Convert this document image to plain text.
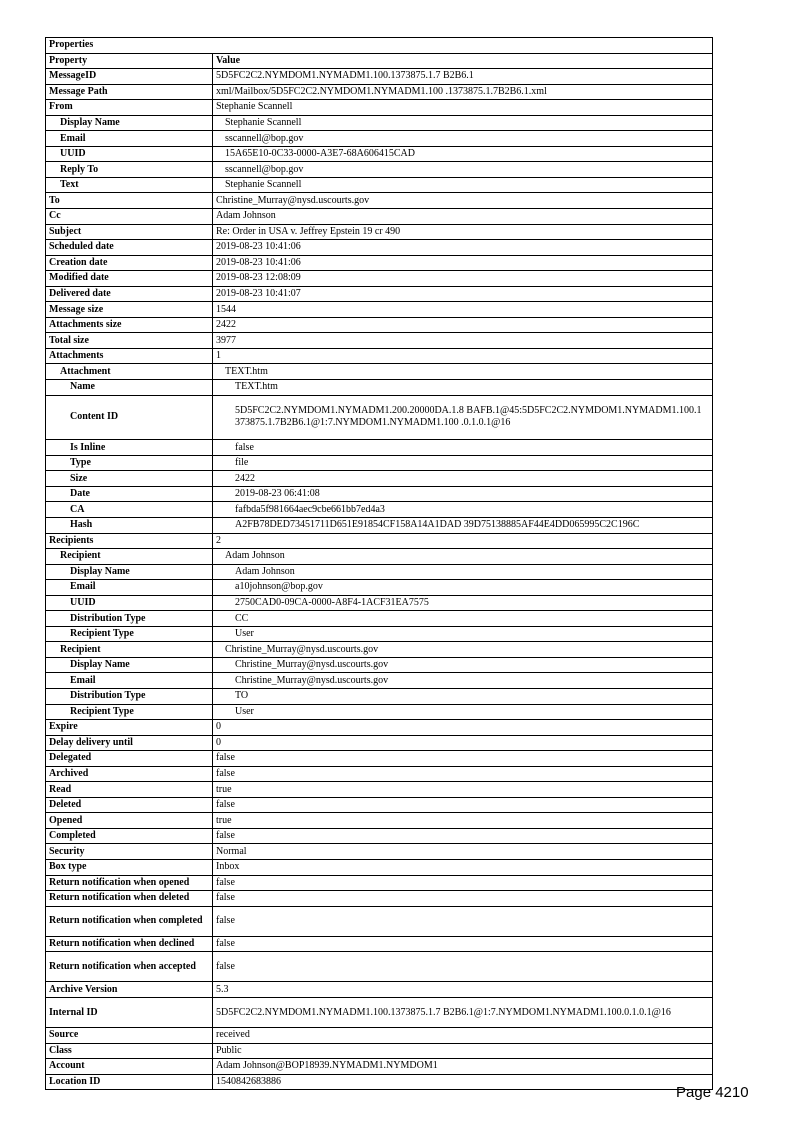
Properties	
Property	Value
MessageID	5D5FC2C2.NYMDOM1.NYMADM1.100.1373875.1.7 B2B6.1
Message Path	xml/Mailbox/5D5FC2C2.NYMDOM1.NYMADM1.100 .1373875.1.7B2B6.1.xml
From	Stephanie Scannell
Display Name	Stephanie Scannell
Email	sscannell@bop.gov
UUID	15A65E10-0C33-0000-A3E7-68A606415CAD
Reply To	sscannell@bop.gov
Text	Stephanie Scannell
To	Christine_Murray@nysd.uscourts.gov
Cc	Adam Johnson
Subject	Re: Order in USA v. Jeffrey Epstein 19 cr 490
Scheduled date	2019-08-23 10:41:06
Creation date	2019-08-23 10:41:06
Modified date	2019-08-23 12:08:09
Delivered date	2019-08-23 10:41:07
Message size	1544
Attachments size	2422
Total size	3977
Attachments	1
Attachment	TEXT.htm
Name	TEXT.htm
Content ID	5D5FC2C2.NYMDOM1.NYMADM1.200.20000DA.1.8 BAFB.1@45:5D5FC2C2.NYMDOM1.NYMADM1.100.1 373875.1.7B2B6.1@1:7.NYMDOM1.NYMADM1.100 .0.1.0.1@16
Is Inline	false
Type	file
Size	2422
Date	2019-08-23 06:41:08
CA	fafbda5f981664aec9cbe661bb7ed4a3
Hash	A2FB78DED73451711D651E91854CF158A14A1DAD 39D75138885AF44E4DD065995C2C196C
Recipients	2
Recipient	Adam Johnson
Display Name	Adam Johnson
Email	a10johnson@bop.gov
UUID	2750CAD0-09CA-0000-A8F4-1ACF31EA7575
Distribution Type	CC
Recipient Type	User
Recipient	Christine_Murray@nysd.uscourts.gov
Display Name	Christine_Murray@nysd.uscourts.gov
Email	Christine_Murray@nysd.uscourts.gov
Distribution Type	TO
Recipient Type	User
Expire	0
Delay delivery until	0
Delegated	false
Archived	false
Read	true
Deleted	false
Opened	true
Completed	false
Security	Normal
Box type	Inbox
Return notification when opened	false
Return notification when deleted	false
Return notification when completed	false
Return notification when declined	false
Return notification when accepted	false
Archive Version	5.3
Internal ID	5D5FC2C2.NYMDOM1.NYMADM1.100.1373875.1.7 B2B6.1@1:7.NYMDOM1.NYMADM1.100.0.1.0.1@16
Source	received
Class	Public
Account	Adam Johnson@BOP18939.NYMADM1.NYMDOM1
Location ID	1540842683886
Page 4210
